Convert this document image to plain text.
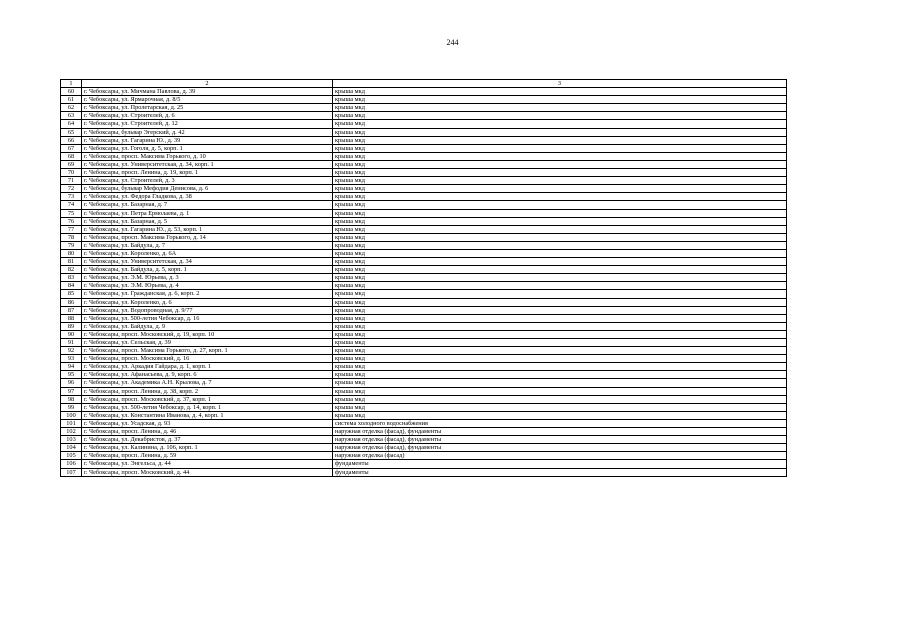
244
1	2	3
60	г. Чебоксары, ул. Мичмана Павлова, д. 39	крыша мкд
61	г. Чебоксары, ул. Ярмарочная, д. 8/5	крыша мкд
62	г. Чебоксары, ул. Пролетарская, д. 25	крыша мкд
63	г. Чебоксары, ул. Строителей, д. 6	крыша мкд
64	г. Чебоксары, ул. Строителей, д. 12	крыша мкд
65	г. Чебоксары, бульвар Эгерский, д. 42	крыша мкд
66	г. Чебоксары, ул. Гагарина Ю., д. 39	крыша мкд
67	г. Чебоксары, ул. Гоголя, д. 5, корп. 1	крыша мкд
68	г. Чебоксары, просп. Максима Горького, д. 10	крыша мкд
69	г. Чебоксары, ул. Университетская, д. 34, корп. 1	крыша мкд
70	г. Чебоксары, просп. Ленина, д. 19, корп. 1	крыша мкд
71	г. Чебоксары, ул. Строителей, д. 3	крыша мкд
72	г. Чебоксары, бульвар Мефодия Денисова, д. 6	крыша мкд
73	г. Чебоксары, ул. Федора Гладкова, д. 38	крыша мкд
74	г. Чебоксары, ул. Базарная, д. 7	крыша мкд
75	г. Чебоксары, ул. Петра Ермолаева, д. 1	крыша мкд
76	г. Чебоксары, ул. Базарная, д. 5	крыша мкд
77	г. Чебоксары, ул. Гагарина Ю., д. 53, корп. 1	крыша мкд
78	г. Чебоксары, просп. Максима Горького, д. 14	крыша мкд
79	г. Чебоксары, ул. Байдула, д. 7	крыша мкд
80	г. Чебоксары, ул. Короленко, д. 6А	крыша мкд
81	г. Чебоксары, ул. Университетская, д. 34	крыша мкд
82	г. Чебоксары, ул. Байдула, д. 5, корп. 1	крыша мкд
83	г. Чебоксары, ул. Э.М. Юрьева, д. 3	крыша мкд
84	г. Чебоксары, ул. Э.М. Юрьева, д. 4	крыша мкд
85	г. Чебоксары, ул. Гражданская, д. 6, корп. 2	крыша мкд
86	г. Чебоксары, ул. Короленко, д. 6	крыша мкд
87	г. Чебоксары, ул. Водопроводная, д. 9/77	крыша мкд
88	г. Чебоксары, ул. 500-летия Чебоксар, д. 16	крыша мкд
89	г. Чебоксары, ул. Байдула, д. 9	крыша мкд
90	г. Чебоксары, просп. Московский, д. 19, корп. 10	крыша мкд
91	г. Чебоксары, ул. Сельская, д. 39	крыша мкд
92	г. Чебоксары, просп. Максима Горького, д. 27, корп. 1	крыша мкд
93	г. Чебоксары, просп. Московский, д. 16	крыша мкд
94	г. Чебоксары, ул. Аркадия Гайдара, д. 1, корп. 1	крыша мкд
95	г. Чебоксары, ул. Афанасьева, д. 9, корп. 6	крыша мкд
96	г. Чебоксары, ул. Академика А.Н. Крылова, д. 7	крыша мкд
97	г. Чебоксары, просп. Ленина, д. 38, корп. 2	крыша мкд
98	г. Чебоксары, просп. Московский, д. 37, корп. 1	крыша мкд
99	г. Чебоксары, ул. 500-летия Чебоксар, д. 14, корп. 1	крыша мкд
100	г. Чебоксары, ул. Константина Иванова, д. 4, корп. 1	крыша мкд
101	г. Чебоксары, ул. Усадская, д. 93	система холодного водоснабжения
102	г. Чебоксары, просп. Ленина, д. 46	наружная отделка (фасад), фундаменты
103	г. Чебоксары, ул. Декабристов, д. 37	наружная отделка (фасад), фундаменты
104	г. Чебоксары, ул. Калинина, д. 106, корп. 1	наружная отделка (фасад), фундаменты
105	г. Чебоксары, просп. Ленина, д. 59	наружная отделка (фасад)
106	г. Чебоксары, ул. Энгельса, д. 44	фундаменты
107	г. Чебоксары, просп. Московский, д. 44	фундаменты
